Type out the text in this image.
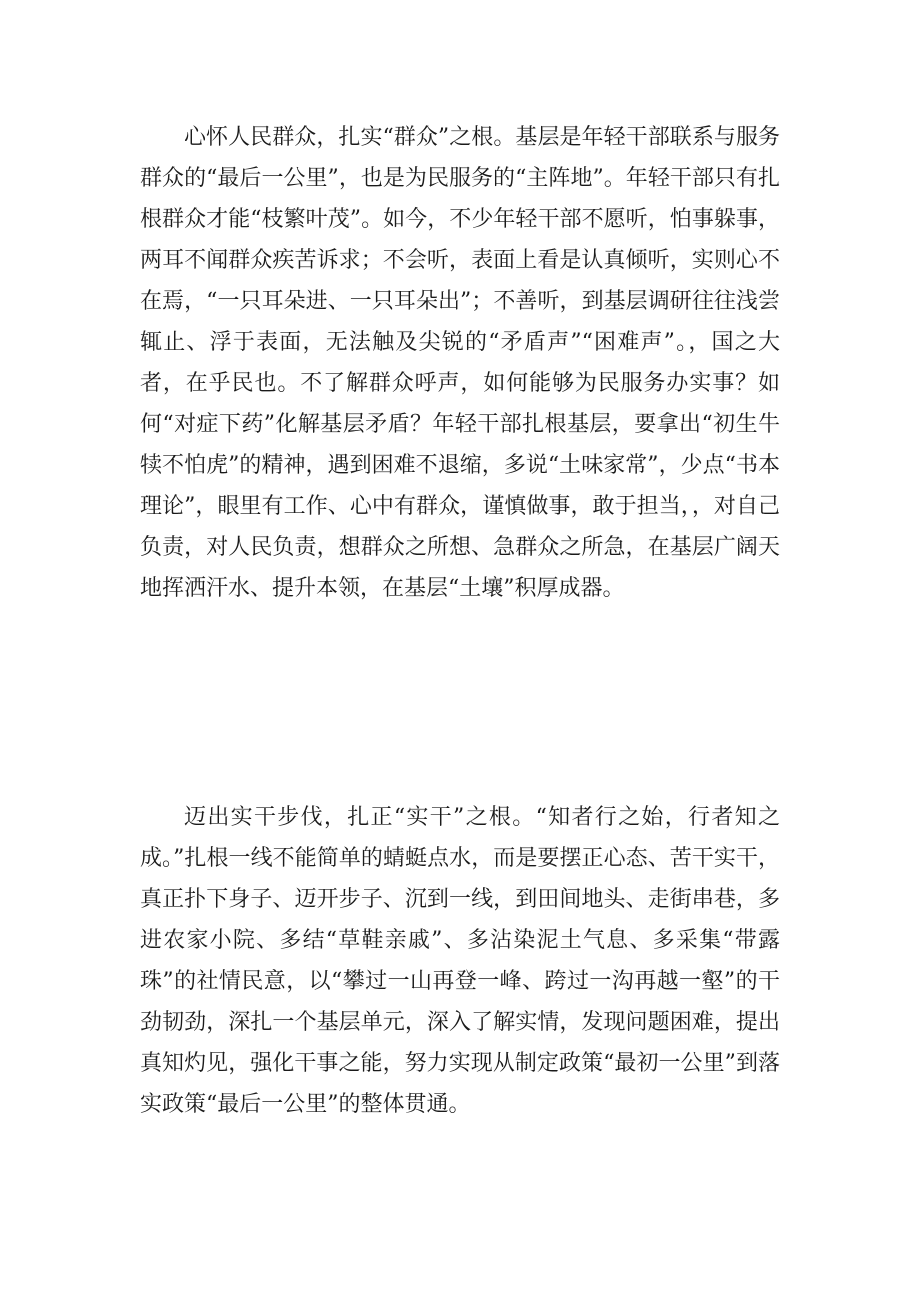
心怀人民群众，扎实“群众”之根。基层是年轻干部联系与服务群众的“最后一公里”，也是为民服务的“主阵地”。年轻干部只有扎根群众才能“枝繁叶茂”。如今，不少年轻干部不愿听，怕事躲事，两耳不闻群众疾苦诉求；不会听，表面上看是认真倾听，实则心不在焉，“一只耳朵进、一只耳朵出”；不善听，到基层调研往往浅尝辄止、浮于表面，无法触及尖锐的“矛盾声”“困难声”。，国之大者，在乎民也。不了解群众呼声，如何能够为民服务办实事？如何“对症下药”化解基层矛盾？年轻干部扎根基层，要拿出“初生牛犊不怕虎”的精神，遇到困难不退缩，多说“土味家常”，少点“书本理论”，眼里有工作、心中有群众，谨慎做事，敢于担当，，对自己负责，对人民负责，想群众之所想、急群众之所急，在基层广阔天地挥洒汗水、提升本领，在基层“土壤”积厚成器。

迈出实干步伐，扎正“实干”之根。“知者行之始，行者知之成。”扎根一线不能简单的蜻蜓点水，而是要摆正心态、苦干实干，真正扑下身子、迈开步子、沉到一线，到田间地头、走街串巷，多进农家小院、多结“草鞋亲戚”、多沾染泥土气息、多采集“带露珠”的社情民意，以“攀过一山再登一峰、跨过一沟再越一壑”的干劲韧劲，深扎一个基层单元，深入了解实情，发现问题困难，提出真知灼见，强化干事之能，努力实现从制定政策“最初一公里”到落实政策“最后一公里”的整体贯通。
